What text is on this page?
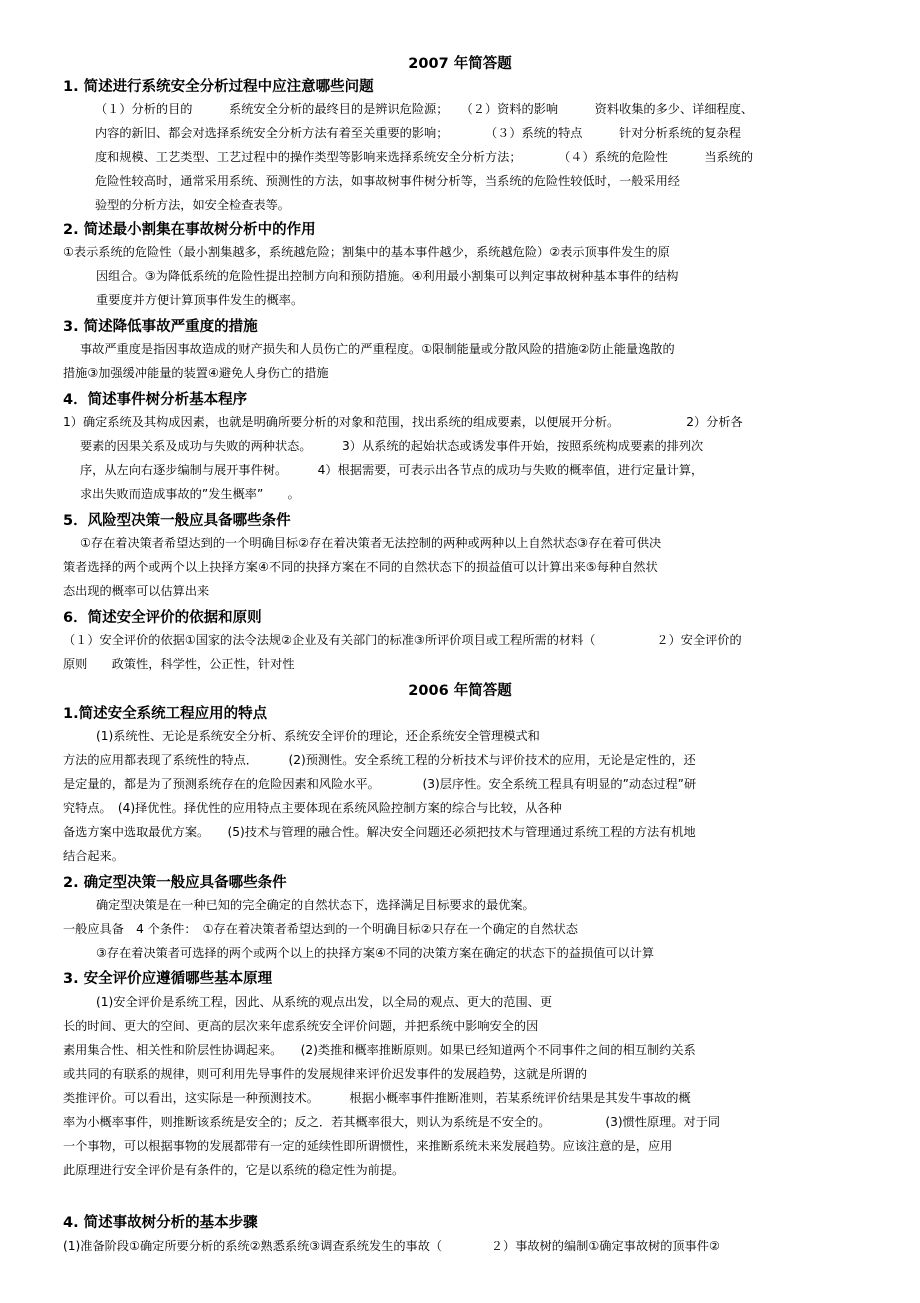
2007 年简答题
1. 简述进行系统安全分析过程中应注意哪些问题
（１）分析的目的　　　系统安全分析的最终目的是辨识危险源；　　（２）资料的影响　　　资料收集的多少、详细程度、
内容的新旧、都会对选择系统安全分析方法有着至关重要的影响；　　　　（３）系统的特点　　　针对分析系统的复杂程
度和规模、工艺类型、工艺过程中的操作类型等影响来选择系统安全分析方法；　　　　（４）系统的危险性　　　当系统的
危险性较高时，通常采用系统、预测性的方法，如事故树事件树分析等，当系统的危险性较低时，一般采用经
验型的分析方法，如安全检查表等。
2. 简述最小割集在事故树分析中的作用
①表示系统的危险性（最小割集越多，系统越危险；割集中的基本事件越少，系统越危险）②表示顶事件发生的原
因组合。③为降低系统的危险性提出控制方向和预防措施。④利用最小割集可以判定事故树种基本事件的结构
重要度并方便计算顶事件发生的概率。
3. 简述降低事故严重度的措施
事故严重度是指因事故造成的财产损失和人员伤亡的严重程度。①限制能量或分散风险的措施②防止能量逸散的
措施③加强缓冲能量的装置④避免人身伤亡的措施
4．简述事件树分析基本程序
1）确定系统及其构成因素，也就是明确所要分析的对象和范围，找出系统的组成要素，以便展开分析。　　　　　　2）分析各
要素的因果关系及成功与失败的两种状态。　　　3）从系统的起始状态或诱发事件开始，按照系统构成要素的排列次
序，从左向右逐步编制与展开事件树。　　　4）根据需要，可表示出各节点的成功与失败的概率值，进行定量计算，
求出失败而造成事故的”发生概率”　　。
5．风险型决策一般应具备哪些条件
①存在着决策者希望达到的一个明确目标②存在着决策者无法控制的两种或两种以上自然状态③存在着可供决
策者选择的两个或两个以上抉择方案④不同的抉择方案在不同的自然状态下的损益值可以计算出来⑤每种自然状
态出现的概率可以估算出来
6．简述安全评价的依据和原则
（１）安全评价的依据①国家的法令法规②企业及有关部门的标准③所评价项目或工程所需的材料（　　　　　２）安全评价的
原则　　政策性，科学性，公正性，针对性
2006 年简答题
1.简述安全系统工程应用的特点
(1)系统性、无论是系统安全分析、系统安全评价的理论，还企系统安全管理模式和
方法的应用都表现了系统性的特点．　　　(2)预测性。安全系统工程的分析技术与评价技术的应用，无论是定性的，还
是定量的，都是为了预测系统存在的危险因素和风险水平。　　　　(3)层序性。安全系统工程具有明显的”动态过程”研
究特点。　(4)择优性。择优性的应用特点主要体现在系统风险控制方案的综合与比较，从各种
备选方案中选取最优方案。　　(5)技术与管理的融合性。解决安全问题还必须把技术与管理通过系统工程的方法有机地
结合起来。
2. 确定型决策一般应具备哪些条件
确定型决策是在一种已知的完全确定的自然状态下，选择满足目标要求的最优案。
一般应具备　4 个条件：　①存在着决策者希望达到的一个明确目标②只存在一个确定的自然状态
③存在着决策者可选择的两个或两个以上的抉择方案④不同的决策方案在确定的状态下的益损值可以计算
3. 安全评价应遵循哪些基本原理
(1)安全评价是系统工程，因此、从系统的观点出发，以全局的观点、更大的范围、更
长的时间、更大的空间、更高的层次来年虑系统安全评价问题，并把系统中影响安全的因
素用集合性、相关性和阶层性协调起来。　　(2)类推和概率推断原则。如果已经知道两个不同事件之间的相互制约关系
或共同的有联系的规律，则可利用先导事件的发展规律来评价迟发事件的发展趋势，这就是所谓的
类推评价。可以看出，这实际是一种预测技术。　　　根据小概率事件推断准则，若某系统评价结果是其发牛事故的概
率为小概率事件，则推断该系统是安全的；反之．若其概率很大，则认为系统是不安全的。　　　　　(3)惯性原理。对于同
一个事物，可以根据事物的发展都带有一定的延续性即所谓惯性，来推断系统未来发展趋势。应该注意的是，应用
此原理进行安全评价是有条件的，它是以系统的稳定性为前提。
4. 简述事故树分析的基本步骤
(1)准备阶段①确定所要分析的系统②熟悉系统③调查系统发生的事故（　　　　２）事故树的编制①确定事故树的顶事件②
